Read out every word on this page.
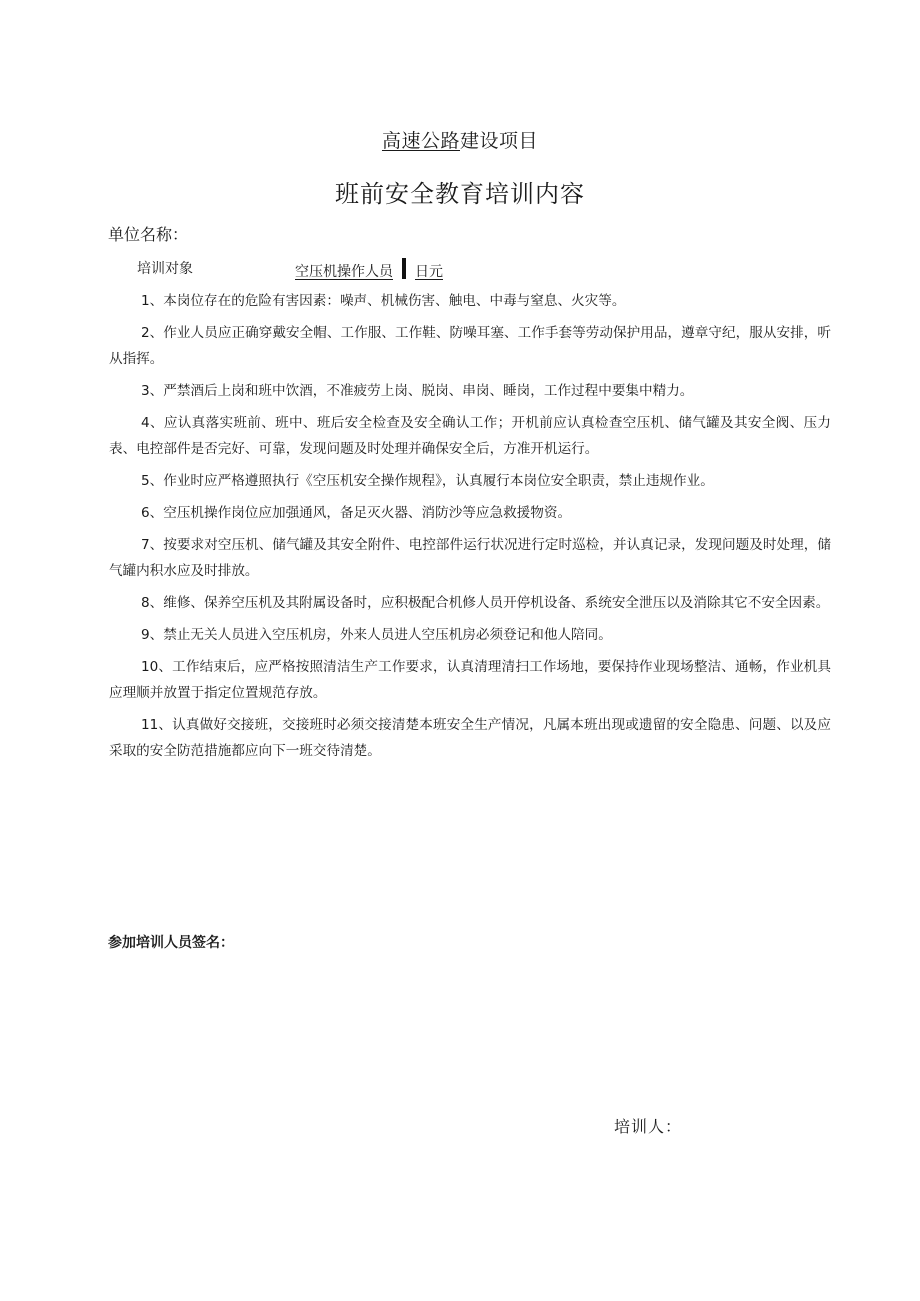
高速公路建设项目
班前安全教育培训内容
单位名称：
培训对象	空压机操作人员 日元

1、本岗位存在的危险有害因素：噪声、机械伤害、触电、中毒与窒息、火灾等。

2、作业人员应正确穿戴安全帽、工作服、工作鞋、防噪耳塞、工作手套等劳动保护用品，遵章守纪，服从安排，听从指挥。

3、严禁酒后上岗和班中饮酒，不准疲劳上岗、脱岗、串岗、睡岗，工作过程中要集中精力。

4、应认真落实班前、班中、班后安全检查及安全确认工作；开机前应认真检查空压机、储气罐及其安全阀、压力表、电控部件是否完好、可靠，发现问题及时处理并确保安全后，方准开机运行。

5、作业时应严格遵照执行《空压机安全操作规程》，认真履行本岗位安全职责，禁止违规作业。

6、空压机操作岗位应加强通风，备足灭火器、消防沙等应急救援物资。

7、按要求对空压机、储气罐及其安全附件、电控部件运行状况进行定时巡检，并认真记录，发现问题及时处理，储气罐内积水应及时排放。

8、维修、保养空压机及其附属设备时，应积极配合机修人员开停机设备、系统安全泄压以及消除其它不安全因素。

9、禁止无关人员进入空压机房，外来人员进人空压机房必须登记和他人陪同。

10、工作结束后，应严格按照清洁生产工作要求，认真清理清扫工作场地，要保持作业现场整洁、通畅，作业机具应理顺并放置于指定位置规范存放。

11、认真做好交接班，交接班时必须交接清楚本班安全生产情况，凡属本班出现或遗留的安全隐患、问题、以及应采取的安全防范措施都应向下一班交待清楚。

参加培训人员签名：
培训人：
